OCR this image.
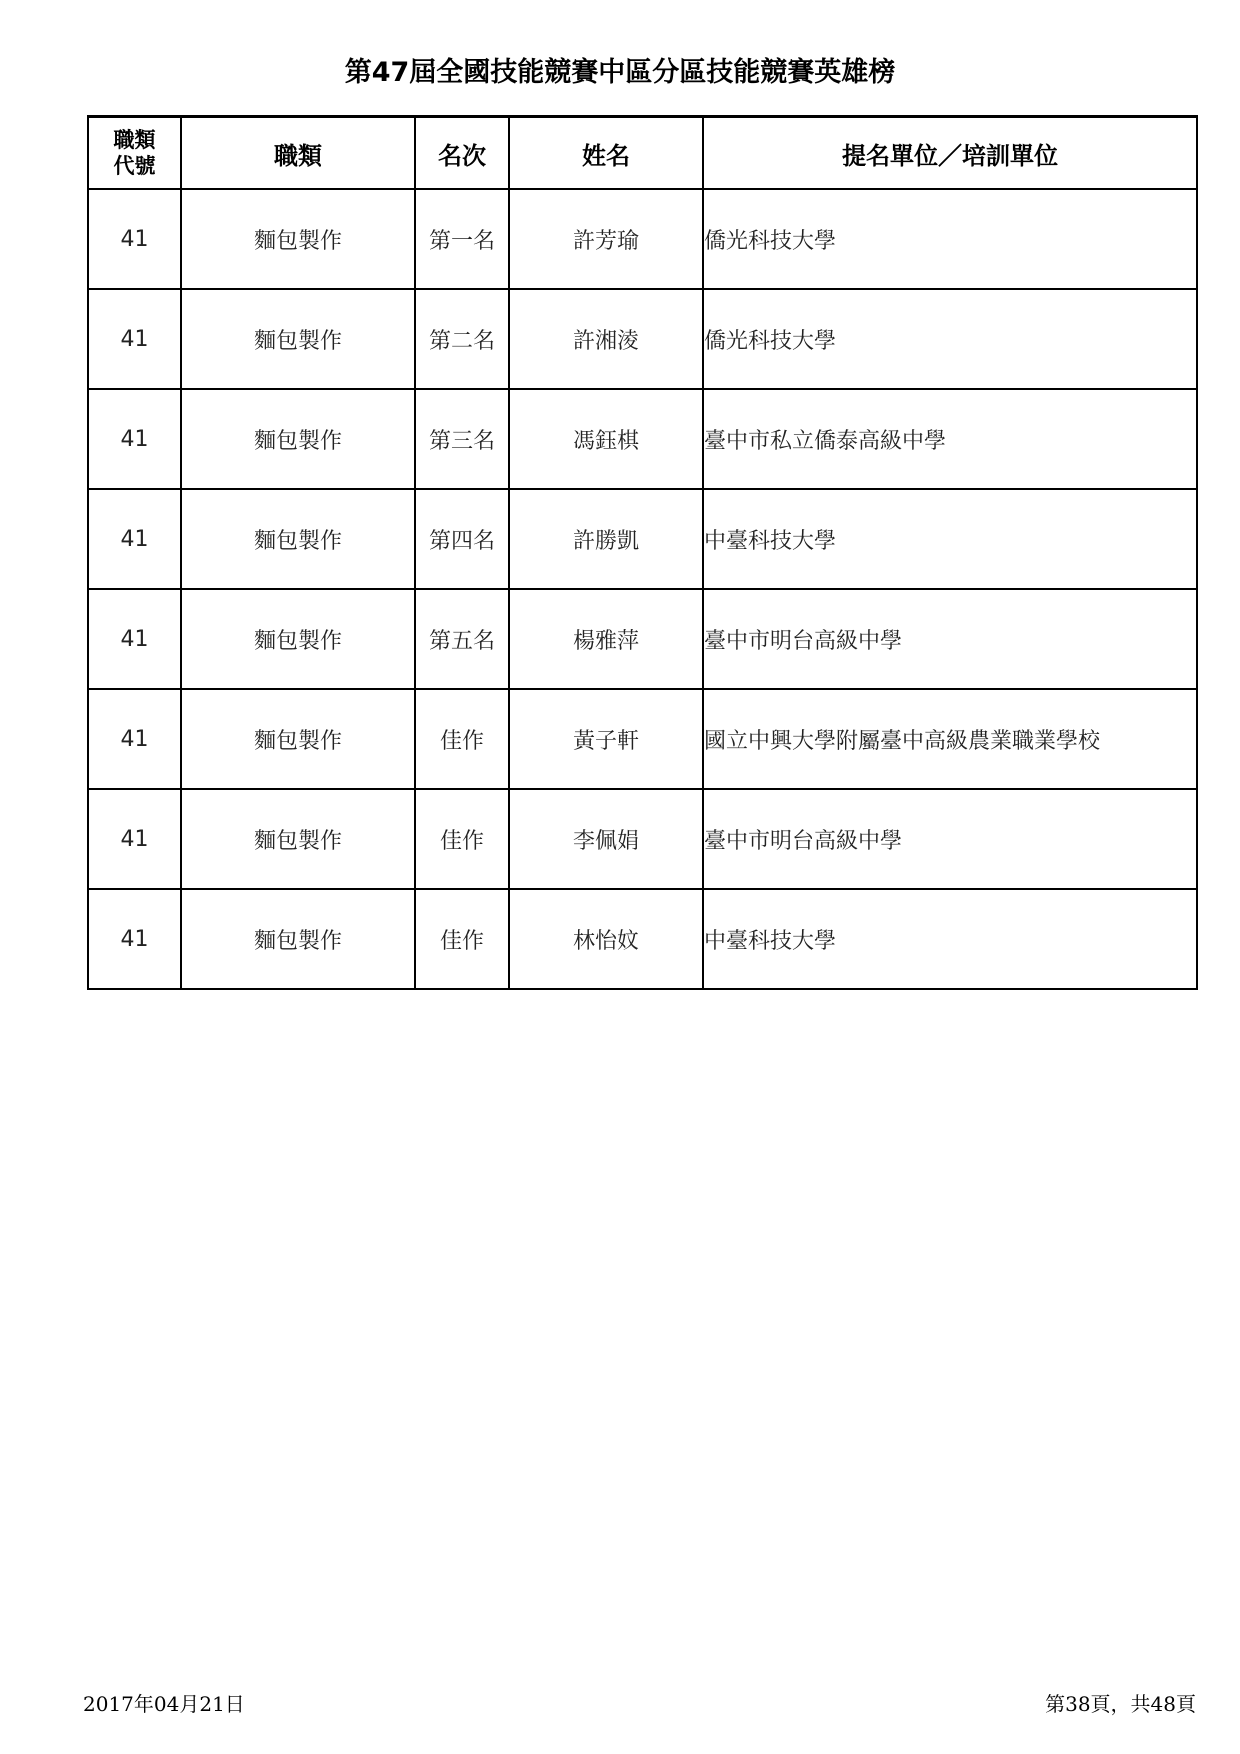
第47屆全國技能競賽中區分區技能競賽英雄榜
職類
代號	職類	名次	姓名	提名單位／培訓單位
41	麵包製作	第一名	許芳瑜	僑光科技大學
41	麵包製作	第二名	許湘淩	僑光科技大學
41	麵包製作	第三名	馮鈺棋	臺中市私立僑泰高級中學
41	麵包製作	第四名	許勝凱	中臺科技大學
41	麵包製作	第五名	楊雅萍	臺中市明台高級中學
41	麵包製作	佳作	黃子軒	國立中興大學附屬臺中高級農業職業學校
41	麵包製作	佳作	李佩娟	臺中市明台高級中學
41	麵包製作	佳作	林怡妏	中臺科技大學
2017年04月21日	第38頁，共48頁
